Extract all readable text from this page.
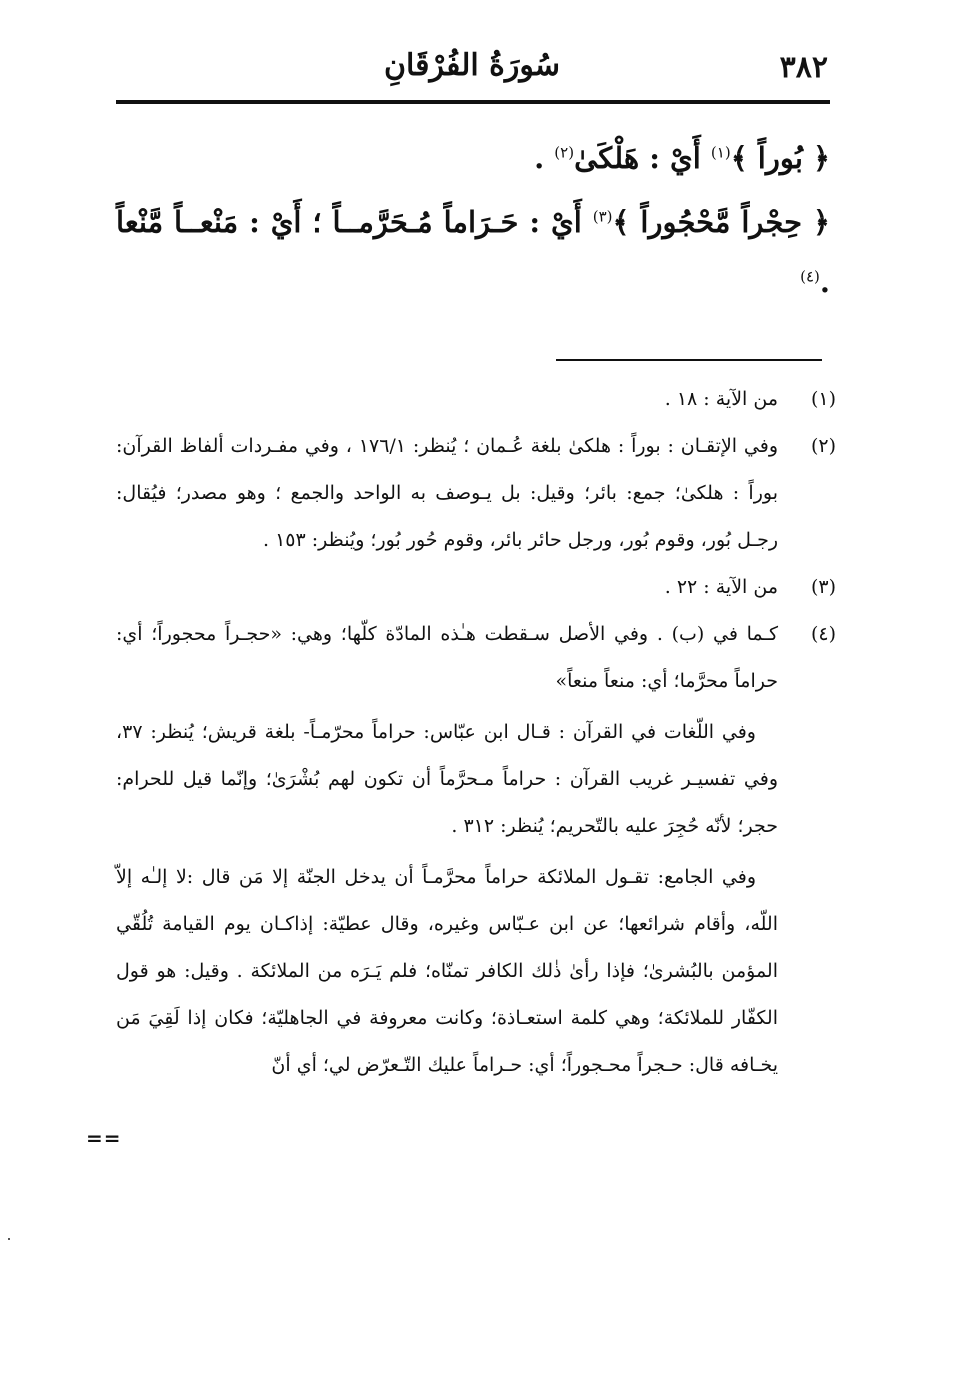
٣٨٢
سُورَةُ الفُرْقَانِ

﴿ بُوراً ﴾$^{(١)}$ أَيْ : هَلْكَىٰ$^{(٢)}$ .

﴿ حِجْراً مَّحْجُوراً ﴾$^{(٣)}$ أَيْ : حَـرَاماً مُـحَرَّمــاً ؛ أَيْ : مَنْعــاً مَّنْعاً .$^{(٤)}$

(١)

من الآية : ١٨ .

(٢)

وفي الإتقـان : بوراً : هلكىٰ بلغة عُـمان ؛ يُنظر: ١٧٦/١ ، وفي مفـردات ألفاظ القرآن: بوراً : هلكىٰ؛ جمع: بائر؛ وقيل: بل يـوصف به الواحد والجمع ؛ وهو مصدر؛ فيُقال: رجـل بُور، وقوم بُور، ورجل حائر بائر، وقوم حُور بُور؛ ويُنظر: ١٥٣ .

(٣)

من الآية : ٢٢ .

(٤)

كـما في (ب) . وفي الأصل سـقطت هـٰذه المادّة كلّها؛ وهي: «حجـراً محجوراً؛ أي: حراماً محرَّما؛ أي: منعاً منعاً»

وفي اللّغات في القرآن : قـال ابن عبّاس: حراماً محرّمـاً- بلغة قريش؛ يُنظر: ٣٧، وفي تفسيـر غريب القرآن : حراماً مـحرَّماً أن تكون لهم بُشْرَىٰ؛ وإنّما قيل للحرام: حجر؛ لأنّه حُجِرَ عليه بالتّحريم؛ يُنظر: ٣١٢ .

وفي الجامع: تقـول الملائكة حراماً محرَّمـاً أن يدخل الجنّة إلا مَن قال :لا إلـٰه إلاّ اللّه، وأقام شرائعها؛ عن ابن عـبّاس وغيره، وقال عطيّة: إذاكـان يوم القيامة تُلُقّي المؤمن بالبُشرىٰ؛ فإذا رأىٰ ذٰلك الكافر تمنّاه؛ فلم يَـرَه من الملائكة . وقيل: هو قول الكفّار للملائكة؛ وهي كلمة استعـاذة؛ وكانت معروفة في الجاهليّة؛ فكان إذا لَقِيَ مَن يخـافه قال: حـجراً محـجوراً؛ أي: حـراماً عليك التّـعرّض لي؛ أي أنّ

==
